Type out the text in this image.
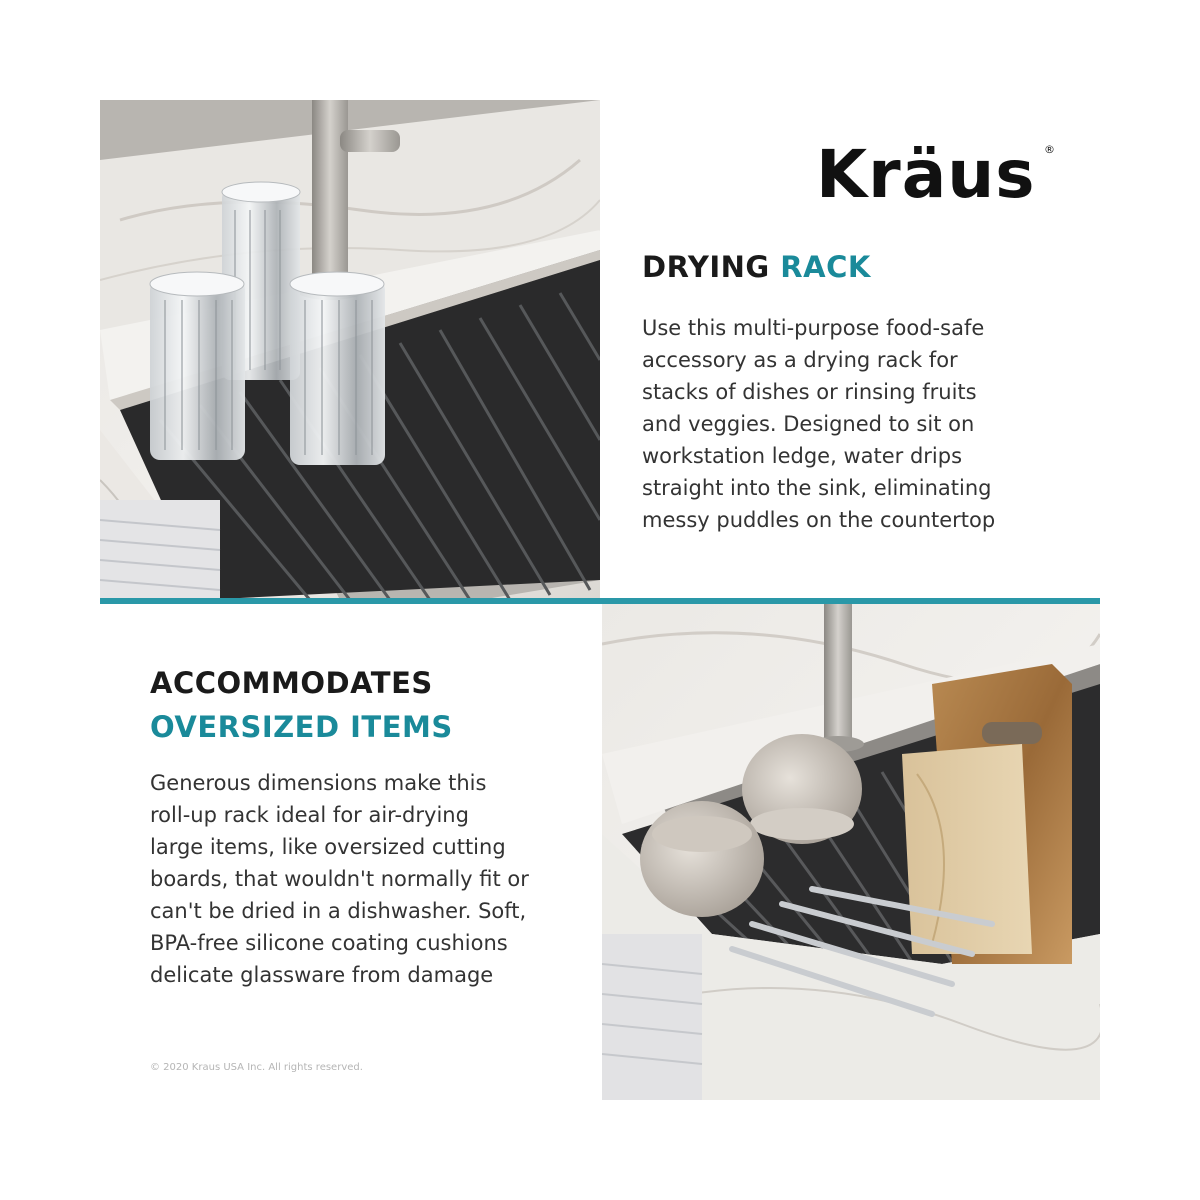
Kräus ®
DRYING RACK
Use this multi-purpose food-safe
accessory as a drying rack for
stacks of dishes or rinsing fruits
and veggies. Designed to sit on
workstation ledge, water drips
straight into the sink, eliminating
messy puddles on the countertop
ACCOMMODATES
OVERSIZED ITEMS
Generous dimensions make this
roll-up rack ideal for air-drying
large items, like oversized cutting
boards, that wouldn't normally fit or
can't be dried in a dishwasher. Soft,
BPA-free silicone coating cushions
delicate glassware from damage
© 2020 Kraus USA Inc. All rights reserved.
